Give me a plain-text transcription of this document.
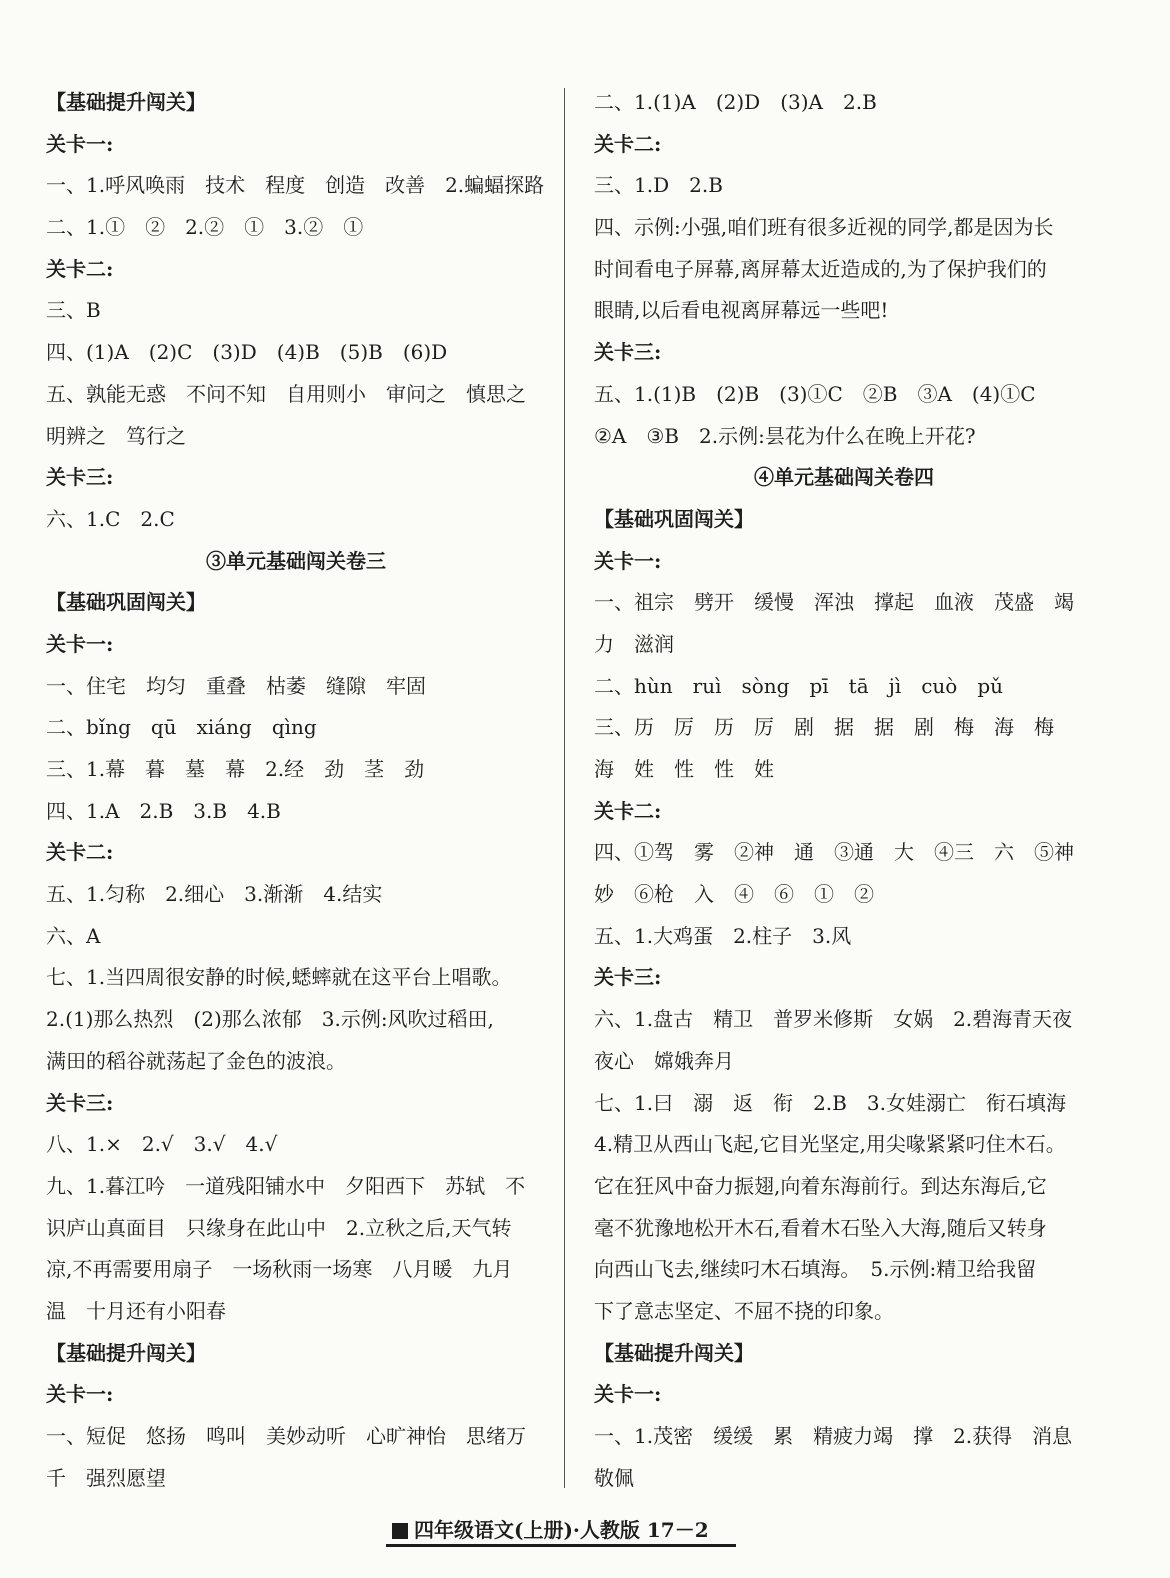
【基础提升闯关】
关卡一:
一、1.呼风唤雨　技术　程度　创造　改善　2.蝙蝠探路
二、1.①　②　2.②　①　3.②　①
关卡二:
三、B
四、(1)A　(2)C　(3)D　(4)B　(5)B　(6)D
五、孰能无惑　不问不知　自用则小　审问之　慎思之
明辨之　笃行之
关卡三:
六、1.C　2.C
③单元基础闯关卷三
【基础巩固闯关】
关卡一:
一、住宅　均匀　重叠　枯萎　缝隙　牢固
二、bǐng　qū　xiáng　qìng
三、1.幕　暮　墓　幕　2.经　劲　茎　劲
四、1.A　2.B　3.B　4.B
关卡二:
五、1.匀称　2.细心　3.渐渐　4.结实
六、A
七、1.当四周很安静的时候,蟋蟀就在这平台上唱歌。
2.(1)那么热烈　(2)那么浓郁　3.示例:风吹过稻田,
满田的稻谷就荡起了金色的波浪。
关卡三:
八、1.×　2.√　3.√　4.√
九、1.暮江吟　一道残阳铺水中　夕阳西下　苏轼　不
识庐山真面目　只缘身在此山中　2.立秋之后,天气转
凉,不再需要用扇子　一场秋雨一场寒　八月暖　九月
温　十月还有小阳春
【基础提升闯关】
关卡一:
一、短促　悠扬　鸣叫　美妙动听　心旷神怡　思绪万
千　强烈愿望
二、1.(1)A　(2)D　(3)A　2.B
关卡二:
三、1.D　2.B
四、示例:小强,咱们班有很多近视的同学,都是因为长
时间看电子屏幕,离屏幕太近造成的,为了保护我们的
眼睛,以后看电视离屏幕远一些吧!
关卡三:
五、1.(1)B　(2)B　(3)①C　②B　③A　(4)①C
②A　③B　2.示例:昙花为什么在晚上开花?
④单元基础闯关卷四
【基础巩固闯关】
关卡一:
一、祖宗　劈开　缓慢　浑浊　撑起　血液　茂盛　竭
力　滋润
二、hùn　ruì　sòng　pī　tā　jì　cuò　pǔ
三、历　厉　历　厉　剧　据　据　剧　梅　海　梅
海　姓　性　性　姓
关卡二:
四、①驾　雾　②神　通　③通　大　④三　六　⑤神
妙　⑥枪　入　④　⑥　①　②
五、1.大鸡蛋　2.柱子　3.风
关卡三:
六、1.盘古　精卫　普罗米修斯　女娲　2.碧海青天夜
夜心　嫦娥奔月
七、1.曰　溺　返　衔　2.B　3.女娃溺亡　衔石填海
4.精卫从西山飞起,它目光坚定,用尖喙紧紧叼住木石。
它在狂风中奋力振翅,向着东海前行。到达东海后,它
毫不犹豫地松开木石,看着木石坠入大海,随后又转身
向西山飞去,继续叼木石填海。　5.示例:精卫给我留
下了意志坚定、不屈不挠的印象。
【基础提升闯关】
关卡一:
一、1.茂密　缓缓　累　精疲力竭　撑　2.获得　消息
敬佩
四年级语文(上册)·人教版 17－2
